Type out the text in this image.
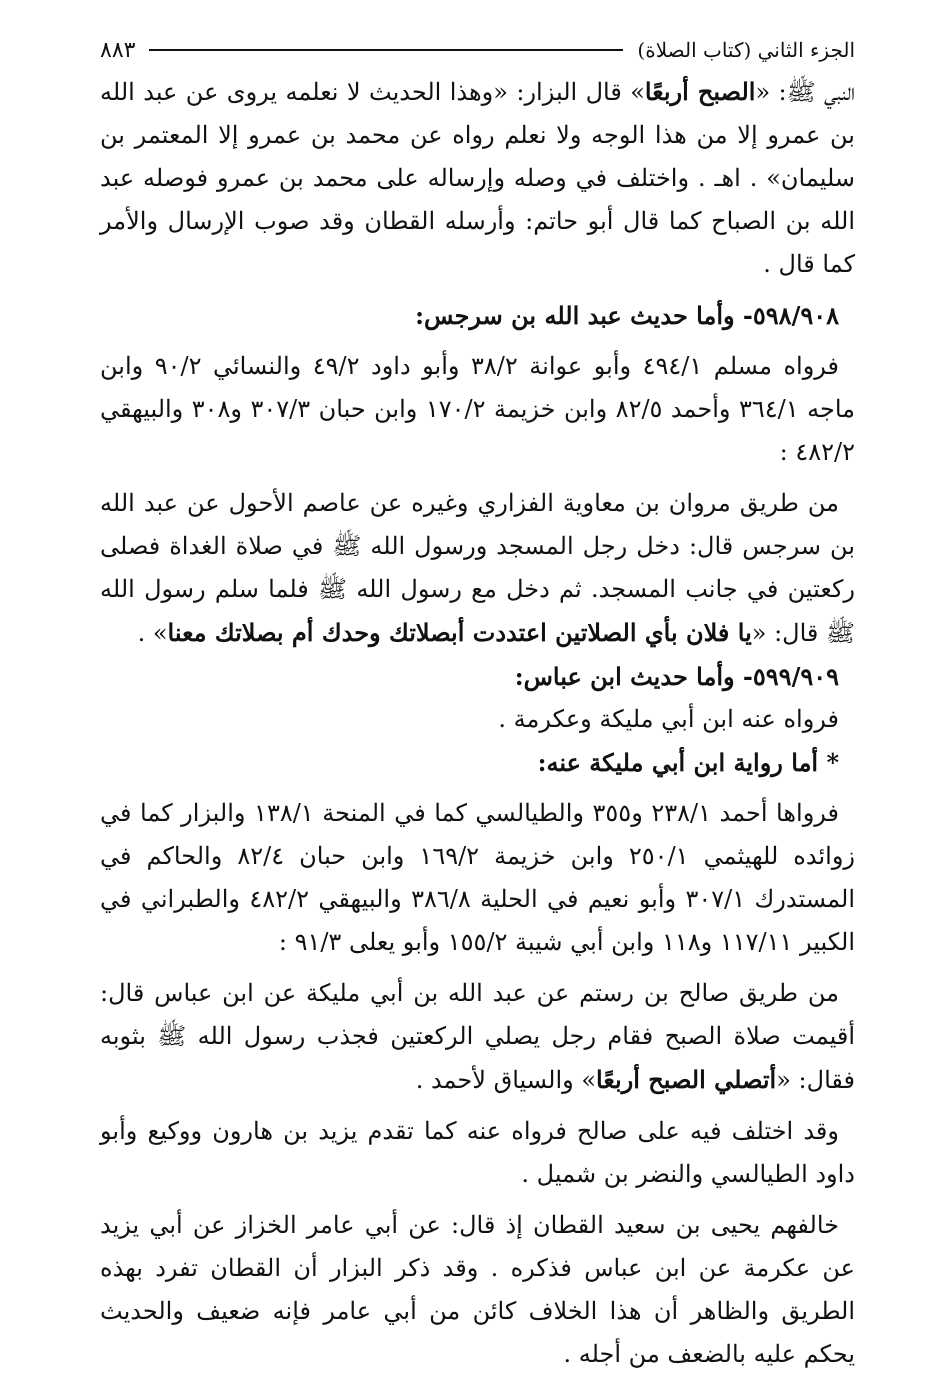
الجزء الثاني (كتاب الصلاة)
٨٨٣

النبي ﷺ: «الصبح أربعًا» قال البزار: «وهذا الحديث لا نعلمه يروى عن عبد الله بن عمرو إلا من هذا الوجه ولا نعلم رواه عن محمد بن عمرو إلا المعتمر بن سليمان» . اهـ . واختلف في وصله وإرساله على محمد بن عمرو فوصله عبد الله بن الصباح كما قال أبو حاتم: وأرسله القطان وقد صوب الإرسال والأمر كما قال .

٥٩٨/٩٠٨- وأما حديث عبد الله بن سرجس:

فرواه مسلم ٤٩٤/١ وأبو عوانة ٣٨/٢ وأبو داود ٤٩/٢ والنسائي ٩٠/٢ وابن ماجه ٣٦٤/١ وأحمد ٨٢/٥ وابن خزيمة ١٧٠/٢ وابن حبان ٣٠٧/٣ و٣٠٨ والبيهقي ٤٨٢/٢ :

من طريق مروان بن معاوية الفزاري وغيره عن عاصم الأحول عن عبد الله بن سرجس قال: دخل رجل المسجد ورسول الله ﷺ في صلاة الغداة فصلى ركعتين في جانب المسجد. ثم دخل مع رسول الله ﷺ فلما سلم رسول الله ﷺ قال: «يا فلان بأي الصلاتين اعتددت أبصلاتك وحدك أم بصلاتك معنا» .

٥٩٩/٩٠٩- وأما حديث ابن عباس:

فرواه عنه ابن أبي مليكة وعكرمة .

* أما رواية ابن أبي مليكة عنه:

فرواها أحمد ٢٣٨/١ و٣٥٥ والطيالسي كما في المنحة ١٣٨/١ والبزار كما في زوائده للهيثمي ٢٥٠/١ وابن خزيمة ١٦٩/٢ وابن حبان ٨٢/٤ والحاكم في المستدرك ٣٠٧/١ وأبو نعيم في الحلية ٣٨٦/٨ والبيهقي ٤٨٢/٢ والطبراني في الكبير ١١٧/١١ و١١٨ وابن أبي شيبة ١٥٥/٢ وأبو يعلى ٩١/٣ :

من طريق صالح بن رستم عن عبد الله بن أبي مليكة عن ابن عباس قال: أقيمت صلاة الصبح فقام رجل يصلي الركعتين فجذب رسول الله ﷺ بثوبه فقال: «أتصلي الصبح أربعًا» والسياق لأحمد .

وقد اختلف فيه على صالح فرواه عنه كما تقدم يزيد بن هارون ووكيع وأبو داود الطيالسي والنضر بن شميل .

خالفهم يحيى بن سعيد القطان إذ قال: عن أبي عامر الخزاز عن أبي يزيد عن عكرمة عن ابن عباس فذكره . وقد ذكر البزار أن القطان تفرد بهذه الطريق والظاهر أن هذا الخلاف كائن من أبي عامر فإنه ضعيف والحديث يحكم عليه بالضعف من أجله .
